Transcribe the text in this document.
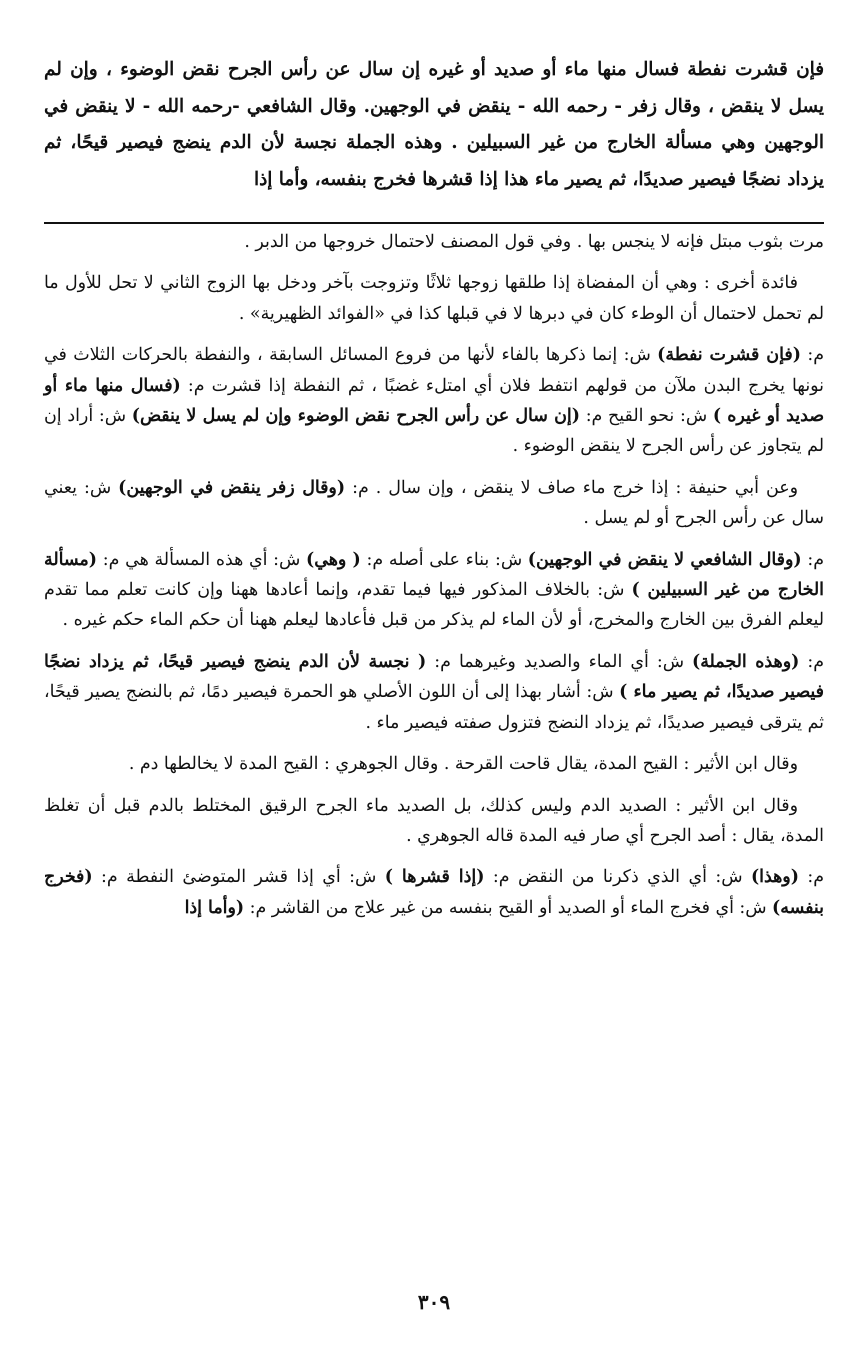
فإن قشرت نفطة فسال منها ماء أو صديد أو غيره إن سال عن رأس الجرح نقض الوضوء ، وإن لم يسل لا ينقض ، وقال زفر - رحمه الله - ينقض في الوجهين. وقال الشافعي -رحمه الله - لا ينقض في الوجهين وهي مسألة الخارج من غير السبيلين . وهذه الجملة نجسة لأن الدم ينضج فيصير قيحًا، ثم يزداد نضجًا فيصير صديدًا، ثم يصير ماء هذا إذا قشرها فخرج بنفسه، وأما إذا

مرت بثوب مبتل فإنه لا ينجس بها . وفي قول المصنف لاحتمال خروجها من الدبر .

فائدة أخرى : وهي أن المفضاة إذا طلقها زوجها ثلاثًا وتزوجت بآخر ودخل بها الزوج الثاني لا تحل للأول ما لم تحمل لاحتمال أن الوطء كان في دبرها لا في قبلها كذا في «الفوائد الظهيرية» .

م: (فإن قشرت نفطة) ش: إنما ذكرها بالفاء لأنها من فروع المسائل السابقة ، والنفطة بالحركات الثلاث في نونها يخرج البدن ملآن من قولهم انتفط فلان أي امتلء غضبًا ، ثم النفطة إذا قشرت م: (فسال منها ماء أو صديد أو غيره ) ش: نحو القيح م: (إن سال عن رأس الجرح نقض الوضوء وإن لم يسل لا ينقض) ش: أراد إن لم يتجاوز عن رأس الجرح لا ينقض الوضوء .

وعن أبي حنيفة : إذا خرج ماء صاف لا ينقض ، وإن سال . م: (وقال زفر ينقض في الوجهين) ش: يعني سال عن رأس الجرح أو لم يسل .

م: (وقال الشافعي لا ينقض في الوجهين) ش: بناء على أصله م: ( وهي) ش: أي هذه المسألة هي م: (مسألة الخارج من غير السبيلين ) ش: بالخلاف المذكور فيها فيما تقدم، وإنما أعادها ههنا وإن كانت تعلم مما تقدم ليعلم الفرق بين الخارج والمخرج، أو لأن الماء لم يذكر من قبل فأعادها ليعلم ههنا أن حكم الماء حكم غيره .

م: (وهذه الجملة) ش: أي الماء والصديد وغيرهما م: ( نجسة لأن الدم ينضج فيصير قيحًا، ثم يزداد نضجًا فيصير صديدًا، ثم يصير ماء ) ش: أشار بهذا إلى أن اللون الأصلي هو الحمرة فيصير دمًا، ثم بالنضج يصير قيحًا، ثم يترقى فيصير صديدًا، ثم يزداد النضج فتزول صفته فيصير ماء .

وقال ابن الأثير : القيح المدة، يقال قاحت القرحة . وقال الجوهري : القيح المدة لا يخالطها دم .

وقال ابن الأثير : الصديد الدم وليس كذلك، بل الصديد ماء الجرح الرقيق المختلط بالدم قبل أن تغلظ المدة، يقال : أصد الجرح أي صار فيه المدة قاله الجوهري .

م: (وهذا) ش: أي الذي ذكرنا من النقض م: (إذا قشرها ) ش: أي إذا قشر المتوضئ النفطة م: (فخرج بنفسه) ش: أي فخرج الماء أو الصديد أو القيح بنفسه من غير علاج من القاشر م: (وأما إذا

٣٠٩
